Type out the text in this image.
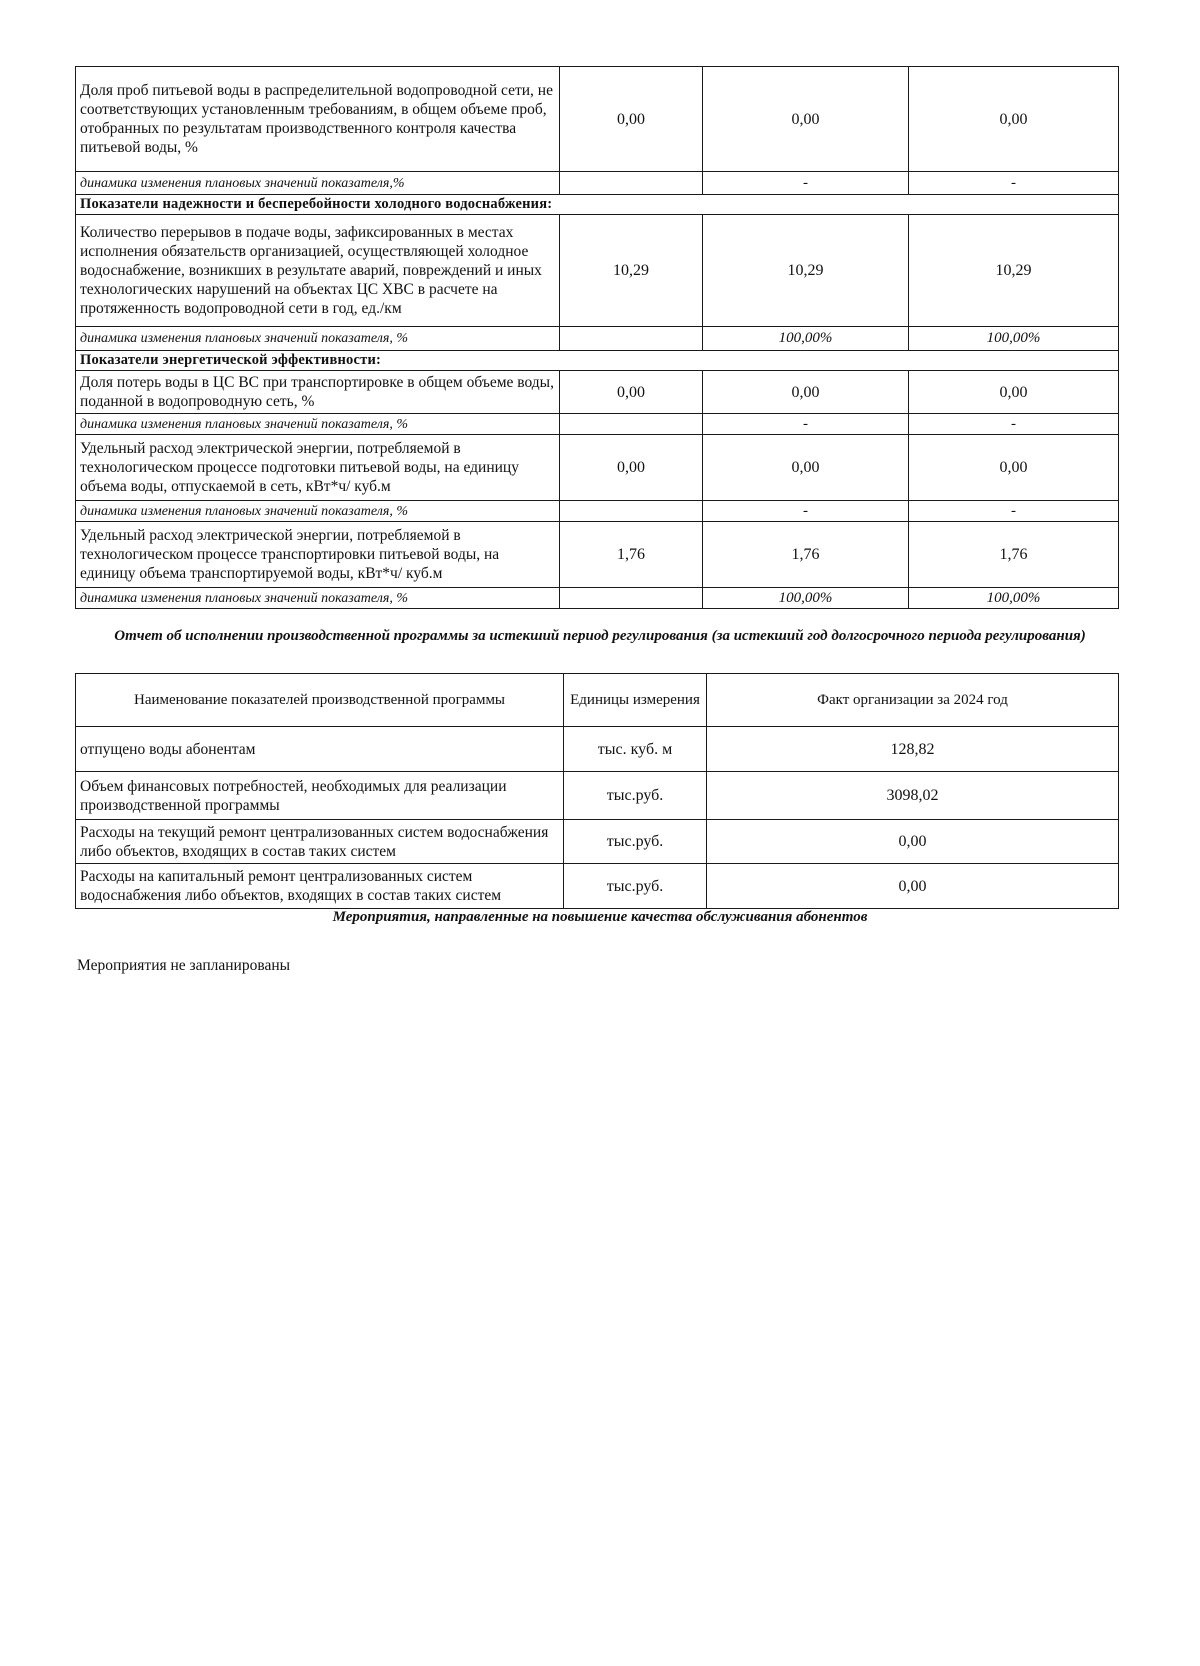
Доля проб питьевой воды в распределительной водопроводной сети, не соответствующих установленным требованиям, в общем объеме проб, отобранных по результатам производственного контроля качества питьевой воды, %	0,00	0,00	0,00
динамика изменения плановых значений показателя,%		-	-
Показатели надежности и бесперебойности холодного водоснабжения:			
Количество перерывов в подаче воды, зафиксированных в местах исполнения обязательств организацией, осуществляющей холодное водоснабжение, возникших в результате аварий, повреждений и иных технологических нарушений на объектах ЦС ХВС в расчете на протяженность водопроводной сети в год, ед./км	10,29	10,29	10,29
динамика изменения плановых значений показателя, %		100,00%	100,00%
Показатели энергетической эффективности:			
Доля потерь воды в ЦС ВС при транспортировке в общем объеме воды, поданной в водопроводную сеть, %	0,00	0,00	0,00
динамика изменения плановых значений показателя, %		-	-
Удельный расход электрической энергии, потребляемой в технологическом процессе подготовки питьевой воды, на единицу объема воды, отпускаемой в сеть, кВт*ч/ куб.м	0,00	0,00	0,00
динамика изменения плановых значений показателя, %		-	-
Удельный расход электрической энергии, потребляемой в технологическом процессе транспортировки питьевой воды, на единицу объема транспортируемой воды, кВт*ч/ куб.м	1,76	1,76	1,76
динамика изменения плановых значений показателя, %		100,00%	100,00%
Отчет об исполнении производственной программы за истекший период регулирования (за истекший год долгосрочного периода регулирования)
Наименование показателей производственной программы	Единицы измерения	Факт организации за 2024 год
отпущено воды абонентам	тыс. куб. м	128,82
Объем финансовых потребностей, необходимых для реализации производственной программы	тыс.руб.	3098,02
Расходы на текущий ремонт централизованных систем водоснабжения либо объектов, входящих в состав таких систем	тыс.руб.	0,00
Расходы на капитальный ремонт централизованных систем водоснабжения либо объектов, входящих в состав таких систем	тыс.руб.	0,00
Мероприятия, направленные на повышение качества обслуживания абонентов
Мероприятия не запланированы
